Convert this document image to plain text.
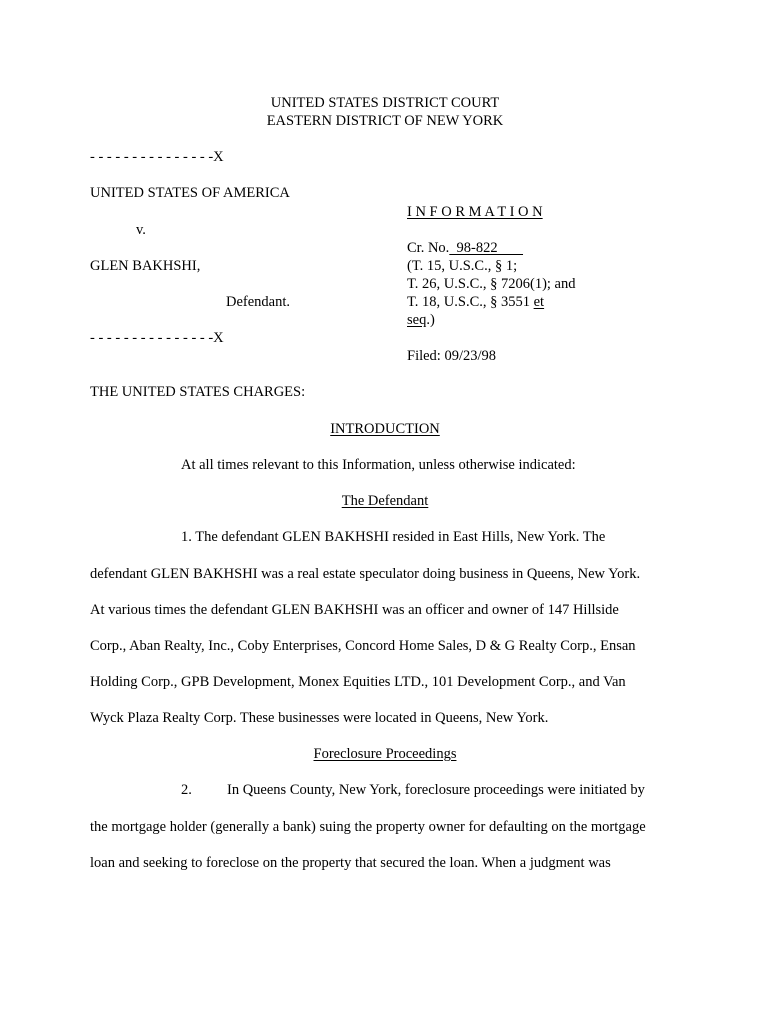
UNITED STATES DISTRICT COURT
EASTERN DISTRICT OF NEW YORK
- - - - - - - - - - - - - - -X
UNITED STATES OF AMERICA
v.
GLEN BAKHSHI,
Defendant.
- - - - - - - - - - - - - - -X
I N F O R M A T I O N
Cr. No.  98-822
(T. 15, U.S.C., § 1;
T. 26, U.S.C., § 7206(1); and
T. 18, U.S.C., § 3551 et
seq.)
Filed: 09/23/98
THE UNITED STATES CHARGES:
INTRODUCTION
At all times relevant to this Information, unless otherwise indicated:
The Defendant
1. The defendant GLEN BAKHSHI resided in East Hills, New York. The
defendant GLEN BAKHSHI was a real estate speculator doing business in Queens, New York.
At various times the defendant GLEN BAKHSHI was an officer and owner of 147 Hillside
Corp., Aban Realty, Inc., Coby Enterprises, Concord Home Sales, D & G Realty Corp., Ensan
Holding Corp., GPB Development, Monex Equities LTD., 101 Development Corp., and Van
Wyck Plaza Realty Corp. These businesses were located in Queens, New York.
Foreclosure Proceedings
2. In Queens County, New York, foreclosure proceedings were initiated by
the mortgage holder (generally a bank) suing the property owner for defaulting on the mortgage
loan and seeking to foreclose on the property that secured the loan. When a judgment was
